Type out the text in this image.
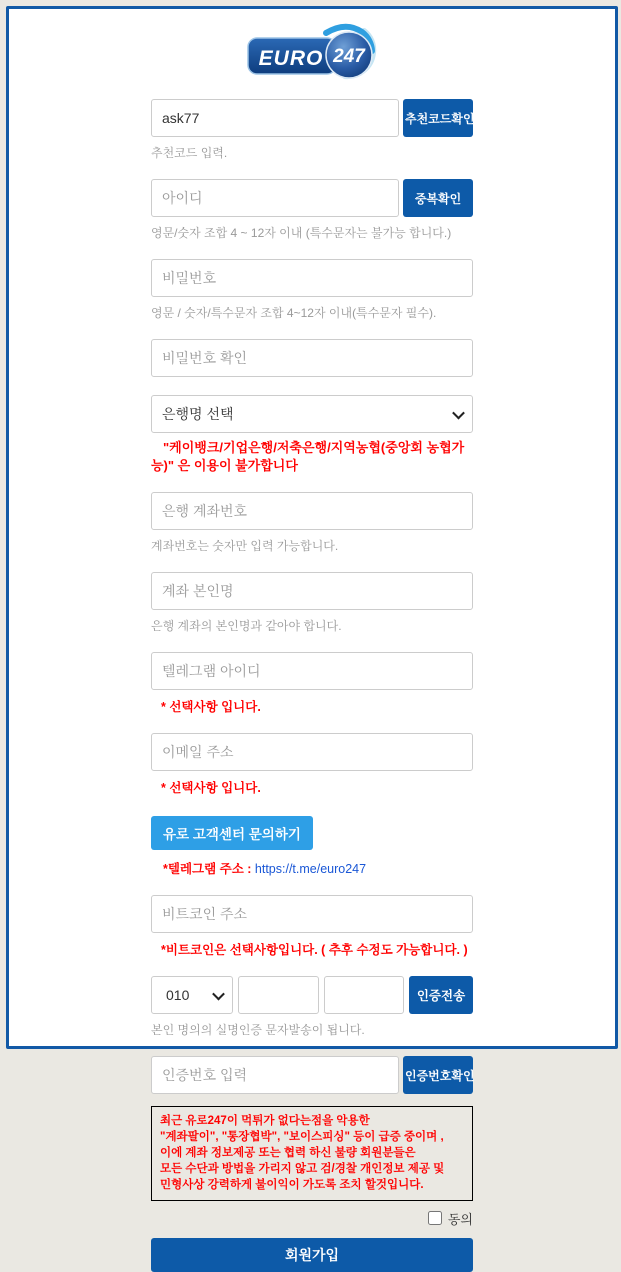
EURO 247
ask77
추천코드확인
추천코드 입력.
아이디
중복확인
영문/숫자 조합 4 ~ 12자 이내 (특수문자는 불가능 합니다.)
비밀번호
영문 / 숫자/특수문자 조합 4~12자 이내(특수문자 필수).
비밀번호 확인
은행명 선택
"케이뱅크/기업은행/저축은행/지역농협(중앙회 농협가능)" 은 이용이 불가합니다
은행 계좌번호
계좌번호는 숫자만 입력 가능합니다.
계좌 본인명
은행 계좌의 본인명과 같아야 합니다.
텔레그램 아이디
* 선택사항 입니다.
이메일 주소
* 선택사항 입니다.
유로 고객센터 문의하기
*텔레그램 주소 : https://t.me/euro247
비트코인 주소
*비트코인은 선택사항입니다. ( 추후 수정도 가능합니다. )
010
인증전송
본인 명의의 실명인증 문자발송이 됩니다.
인증번호 입력
인증번호확인
최근 유로247이 먹튀가 없다는점을 악용한
"계좌팔이", "통장협박", "보이스피싱" 등이 급증 중이며 ,
이에 계좌 정보제공 또는 협력 하신 불량 회원분들은
모든 수단과 방법을 가리지 않고 검/경찰 개인정보 제공 및
민형사상 강력하게 불이익이 가도록 조치 할것입니다.
동의
회원가입
